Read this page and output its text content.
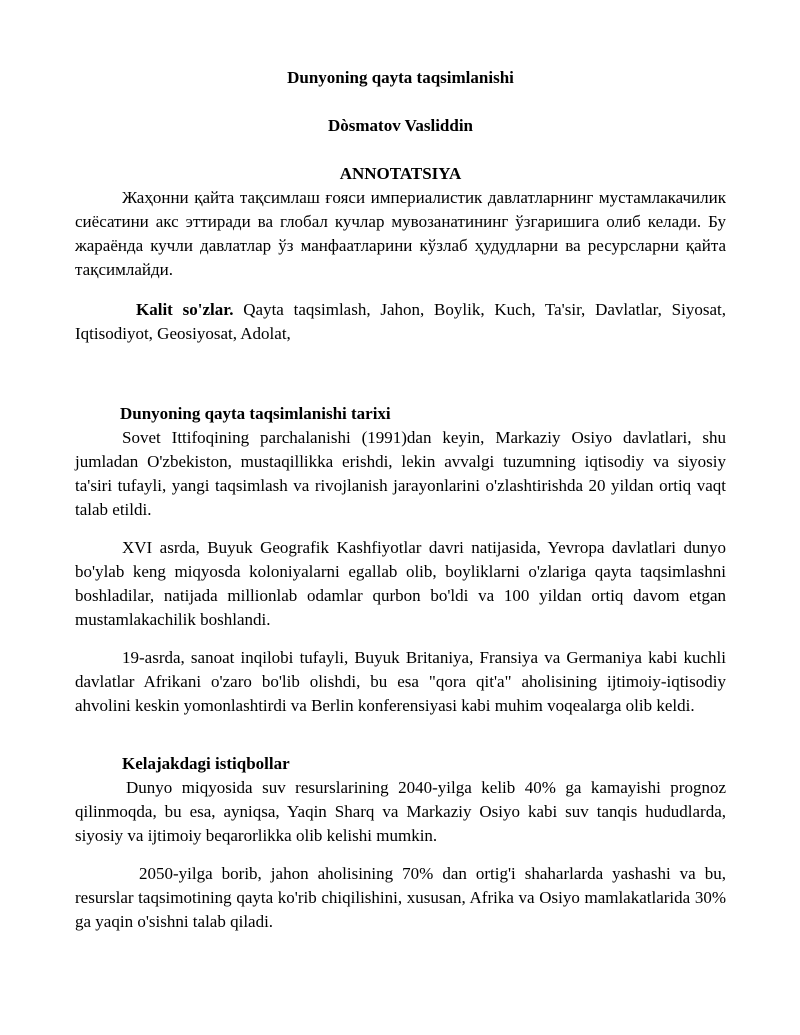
Dunyoning qayta taqsimlanishi
Dòsmatov Vasliddin
ANNOTATSIYA

Жаҳонни қайта тақсимлаш ғояси империалистик давлатларнинг мустамлакачилик сиёсатини акс эттиради ва глобал кучлар мувозанатининг ўзгаришига олиб келади. Бу жараёнда кучли давлатлар ўз манфаатларини кўзлаб ҳудудларни ва ресурсларни қайта тақсимлайди.

Kalit so'zlar. Qayta taqsimlash, Jahon, Boylik, Kuch, Ta'sir, Davlatlar, Siyosat, Iqtisodiyot, Geosiyosat, Adolat,

Dunyoning qayta taqsimlanishi tarixi

Sovet Ittifoqining parchalanishi (1991)dan keyin, Markaziy Osiyo davlatlari, shu jumladan O'zbekiston, mustaqillikka erishdi, lekin avvalgi tuzumning iqtisodiy va siyosiy ta'siri tufayli, yangi taqsimlash va rivojlanish jarayonlarini o'zlashtirishda 20 yildan ortiq vaqt talab etildi.

XVI asrda, Buyuk Geografik Kashfiyotlar davri natijasida, Yevropa davlatlari dunyo bo'ylab keng miqyosda koloniyalarni egallab olib, boyliklarni o'zlariga qayta taqsimlashni boshladilar, natijada millionlab odamlar qurbon bo'ldi va 100 yildan ortiq davom etgan mustamlakachilik boshlandi.

19-asrda, sanoat inqilobi tufayli, Buyuk Britaniya, Fransiya va Germaniya kabi kuchli davlatlar Afrikani o'zaro bo'lib olishdi, bu esa "qora qit'a" aholisining ijtimoiy-iqtisodiy ahvolini keskin yomonlashtirdi va Berlin konferensiyasi kabi muhim voqealarga olib keldi.

Kelajakdagi istiqbollar

Dunyo miqyosida suv resurslarining 2040-yilga kelib 40% ga kamayishi prognoz qilinmoqda, bu esa, ayniqsa, Yaqin Sharq va Markaziy Osiyo kabi suv tanqis hududlarda, siyosiy va ijtimoiy beqarorlikka olib kelishi mumkin.

2050-yilga borib, jahon aholisining 70% dan ortig'i shaharlarda yashashi va bu, resurslar taqsimotining qayta ko'rib chiqilishini, xususan, Afrika va Osiyo mamlakatlarida 30% ga yaqin o'sishni talab qiladi.
